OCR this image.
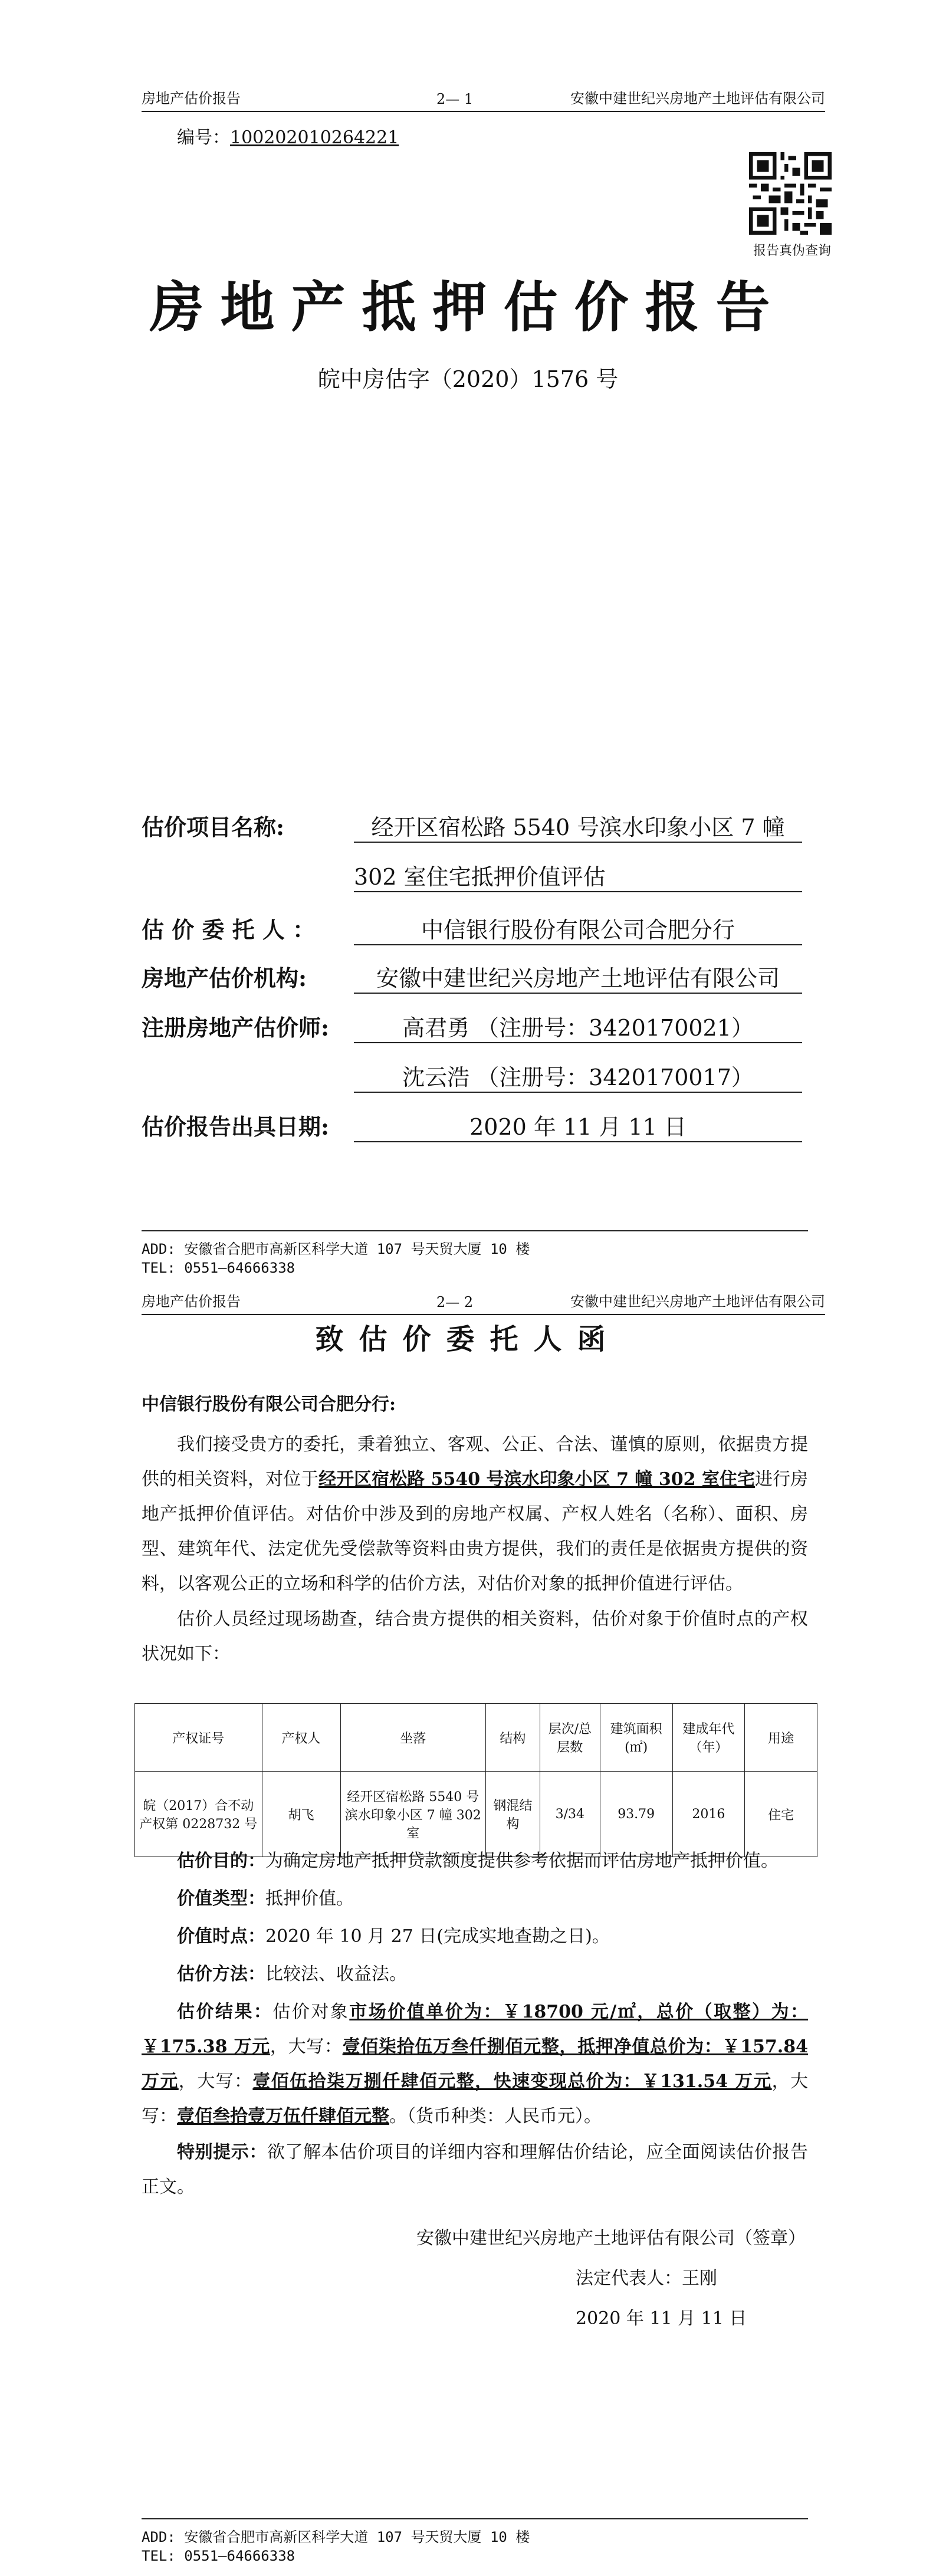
房地产估价报告	2— 1	安徽中建世纪兴房地产土地评估有限公司
编号：100202010264221
报告真伪查询
房地产抵押估价报告
皖中房估字（2020）1576 号
估价项目名称:	经开区宿松路 5540 号滨水印象小区 7 幢
302 室住宅抵押价值评估
估 价 委 托 人 ：	中信银行股份有限公司合肥分行
房地产估价机构:	安徽中建世纪兴房地产土地评估有限公司
注册房地产估价师:	高君勇 （注册号：3420170021）
沈云浩 （注册号：3420170017）
估价报告出具日期:	2020 年 11 月 11 日
ADD: 安徽省合肥市高新区科学大道 107 号天贸大厦 10 楼
TEL: 0551—64666338
房地产估价报告	2— 2	安徽中建世纪兴房地产土地评估有限公司
致估价委托人函
中信银行股份有限公司合肥分行:
我们接受贵方的委托，秉着独立、客观、公正、合法、谨慎的原则，依据贵方提供的相关资料，对位于经开区宿松路 5540 号滨水印象小区 7 幢 302 室住宅进行房地产抵押价值评估。对估价中涉及到的房地产权属、产权人姓名（名称）、面积、房型、建筑年代、法定优先受偿款等资料由贵方提供，我们的责任是依据贵方提供的资料，以客观公正的立场和科学的估价方法，对估价对象的抵押价值进行评估。
估价人员经过现场勘查，结合贵方提供的相关资料，估价对象于价值时点的产权状况如下：
产权证号	产权人	坐落	结构	层次/总层数	建筑面积(㎡)	建成年代（年）	用途
皖（2017）合不动产权第 0228732 号	胡飞	经开区宿松路 5540 号滨水印象小区 7 幢 302 室	钢混结构	3/34	93.79	2016	住宅
估价目的：为确定房地产抵押贷款额度提供参考依据而评估房地产抵押价值。
价值类型：抵押价值。
价值时点：2020 年 10 月 27 日(完成实地查勘之日)。
估价方法：比较法、收益法。
估价结果：估价对象市场价值单价为：￥18700 元/㎡，总价（取整）为：￥175.38 万元，大写：壹佰柒拾伍万叁仟捌佰元整，抵押净值总价为：￥157.84 万元，大写：壹佰伍拾柒万捌仟肆佰元整，快速变现总价为：￥131.54 万元，大写：壹佰叁拾壹万伍仟肆佰元整。（货币种类：人民币元）。
特别提示：欲了解本估价项目的详细内容和理解估价结论，应全面阅读估价报告正文。
安徽中建世纪兴房地产土地评估有限公司（签章）
法定代表人：王刚
2020 年 11 月 11 日
ADD: 安徽省合肥市高新区科学大道 107 号天贸大厦 10 楼
TEL: 0551—64666338
